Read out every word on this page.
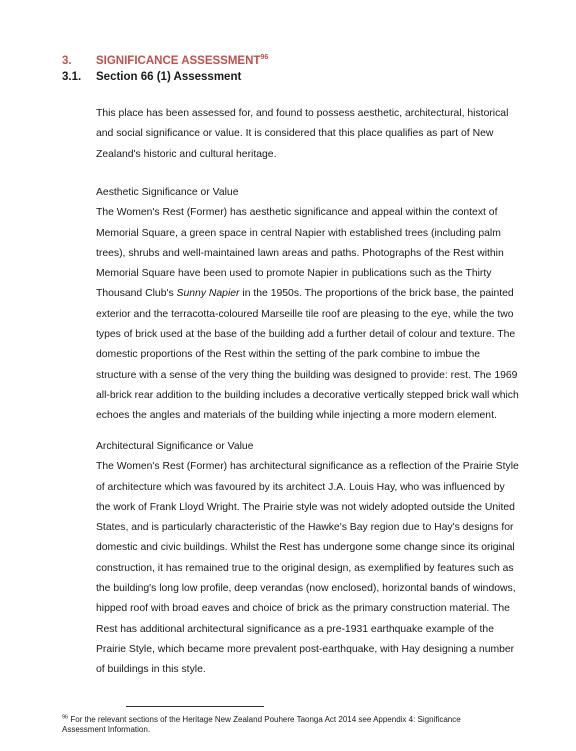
3.	SIGNIFICANCE ASSESSMENT$^{96}$
3.1.	Section 66 (1) Assessment

This place has been assessed for, and found to possess aesthetic, architectural, historical and social significance or value. It is considered that this place qualifies as part of New Zealand's historic and cultural heritage.

Aesthetic Significance or Value

The Women's Rest (Former) has aesthetic significance and appeal within the context of Memorial Square, a green space in central Napier with established trees (including palm trees), shrubs and well-maintained lawn areas and paths. Photographs of the Rest within Memorial Square have been used to promote Napier in publications such as the Thirty Thousand Club's Sunny Napier in the 1950s. The proportions of the brick base, the painted exterior and the terracotta-coloured Marseille tile roof are pleasing to the eye, while the two types of brick used at the base of the building add a further detail of colour and texture. The domestic proportions of the Rest within the setting of the park combine to imbue the structure with a sense of the very thing the building was designed to provide: rest. The 1969 all-brick rear addition to the building includes a decorative vertically stepped brick wall which echoes the angles and materials of the building while injecting a more modern element.

Architectural Significance or Value

The Women's Rest (Former) has architectural significance as a reflection of the Prairie Style of architecture which was favoured by its architect J.A. Louis Hay, who was influenced by the work of Frank Lloyd Wright. The Prairie style was not widely adopted outside the United States, and is particularly characteristic of the Hawke's Bay region due to Hay's designs for domestic and civic buildings. Whilst the Rest has undergone some change since its original construction, it has remained true to the original design, as exemplified by features such as the building's long low profile, deep verandas (now enclosed), horizontal bands of windows, hipped roof with broad eaves and choice of brick as the primary construction material. The Rest has additional architectural significance as a pre-1931 earthquake example of the Prairie Style, which became more prevalent post-earthquake, with Hay designing a number of buildings in this style.

$^{96}$ For the relevant sections of the Heritage New Zealand Pouhere Taonga Act 2014 see Appendix 4: Significance Assessment Information.
